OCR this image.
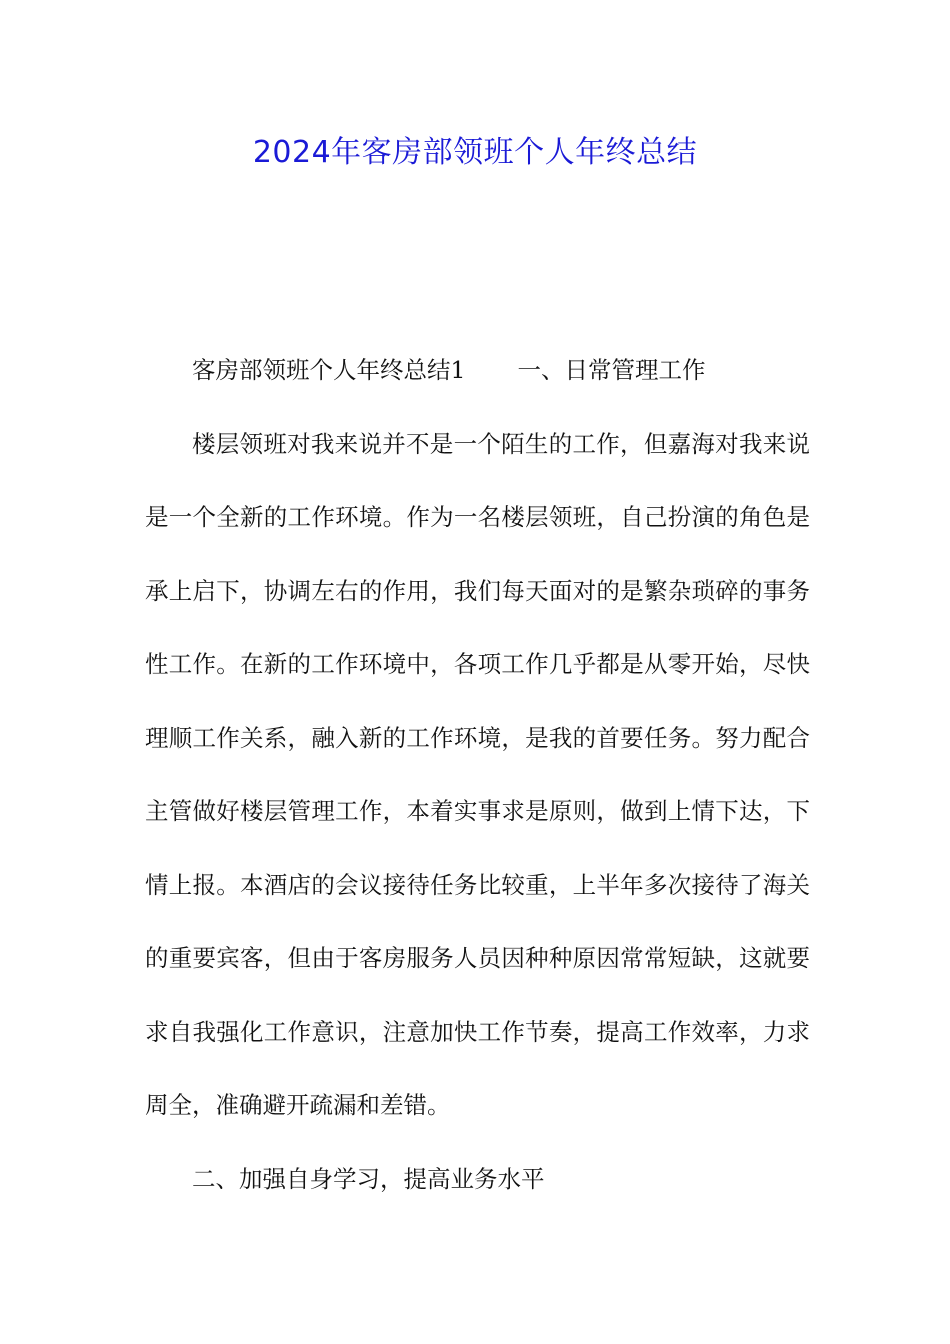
2024年客房部领班个人年终总结

客房部领班个人年终总结1 一、日常管理工作

楼层领班对我来说并不是一个陌生的工作，但嘉海对我来说是一个全新的工作环境。作为一名楼层领班，自己扮演的角色是承上启下，协调左右的作用，我们每天面对的是繁杂琐碎的事务性工作。在新的工作环境中，各项工作几乎都是从零开始，尽快理顺工作关系，融入新的工作环境，是我的首要任务。努力配合主管做好楼层管理工作，本着实事求是原则，做到上情下达，下情上报。本酒店的会议接待任务比较重，上半年多次接待了海关的重要宾客，但由于客房服务人员因种种原因常常短缺，这就要求自我强化工作意识，注意加快工作节奏，提高工作效率，力求周全，准确避开疏漏和差错。

二、加强自身学习，提高业务水平
